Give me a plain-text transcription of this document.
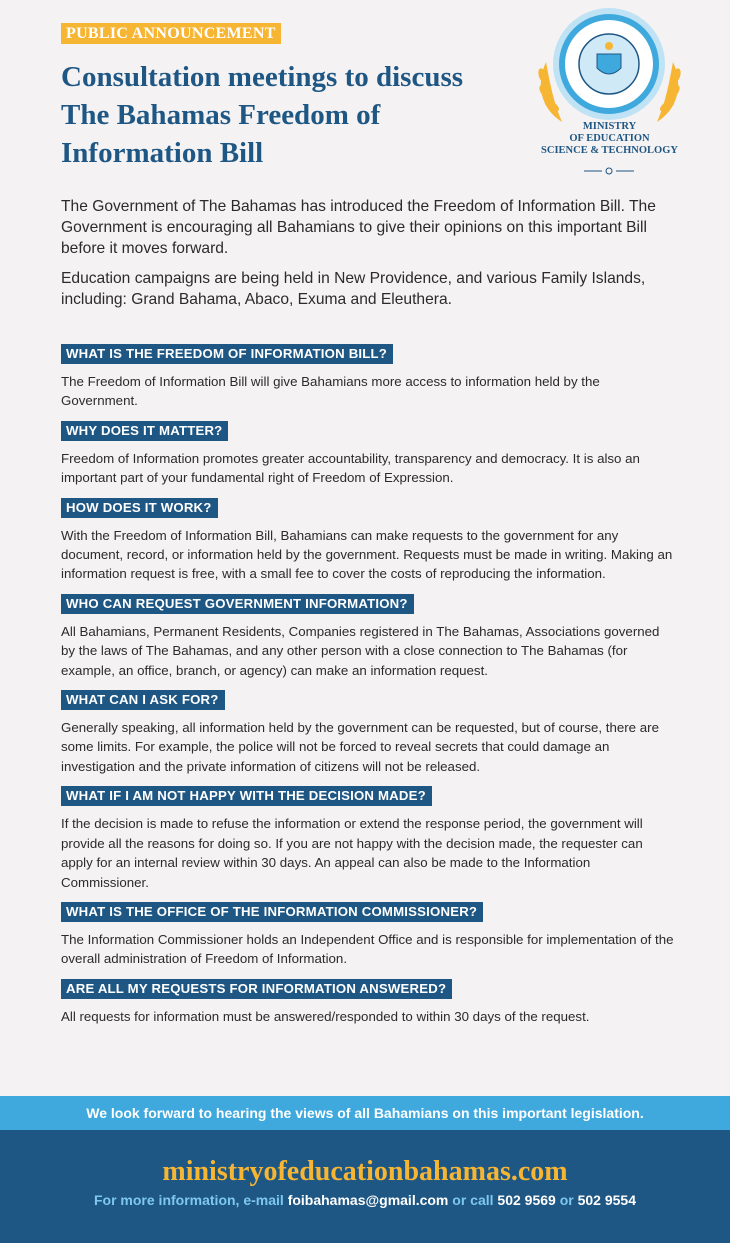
PUBLIC ANNOUNCEMENT
Consultation meetings to discuss The Bahamas Freedom of Information Bill
MINISTRY
OF EDUCATION
SCIENCE & TECHNOLOGY

The Government of The Bahamas has introduced the Freedom of Information Bill. The Government is encouraging all Bahamians to give their opinions on this important Bill before it moves forward.

Education campaigns are being held in New Providence, and various Family Islands, including: Grand Bahama, Abaco, Exuma and Eleuthera.

WHAT IS THE FREEDOM OF INFORMATION BILL?

The Freedom of Information Bill will give Bahamians more access to information held by the Government.

WHY DOES IT MATTER?

Freedom of Information promotes greater accountability, transparency and democracy. It is also an important part of your fundamental right of Freedom of Expression.

HOW DOES IT WORK?

With the Freedom of Information Bill, Bahamians can make requests to the government for any document, record, or information held by the government. Requests must be made in writing. Making an information request is free, with a small fee to cover the costs of reproducing the information.

WHO CAN REQUEST GOVERNMENT INFORMATION?

All Bahamians, Permanent Residents, Companies registered in The Bahamas, Associations governed by the laws of The Bahamas, and any other person with a close connection to The Bahamas (for example, an office, branch, or agency) can make an information request.

WHAT CAN I ASK FOR?

Generally speaking, all information held by the government can be requested, but of course, there are some limits. For example, the police will not be forced to reveal secrets that could damage an investigation and the private information of citizens will not be released.

WHAT IF I AM NOT HAPPY WITH THE DECISION MADE?

If the decision is made to refuse the information or extend the response period, the government will provide all the reasons for doing so. If you are not happy with the decision made, the requester can apply for an internal review within 30 days. An appeal can also be made to the Information Commissioner.

WHAT IS THE OFFICE OF THE INFORMATION COMMISSIONER?

The Information Commissioner holds an Independent Office and is responsible for implementation of the overall administration of Freedom of Information.

ARE ALL MY REQUESTS FOR INFORMATION ANSWERED?

All requests for information must be answered/responded to within 30 days of the request.

We look forward to hearing the views of all Bahamians on this important legislation.
ministryofeducationbahamas.com
For more information, e-mail foibahamas@gmail.com or call 502 9569 or 502 9554
